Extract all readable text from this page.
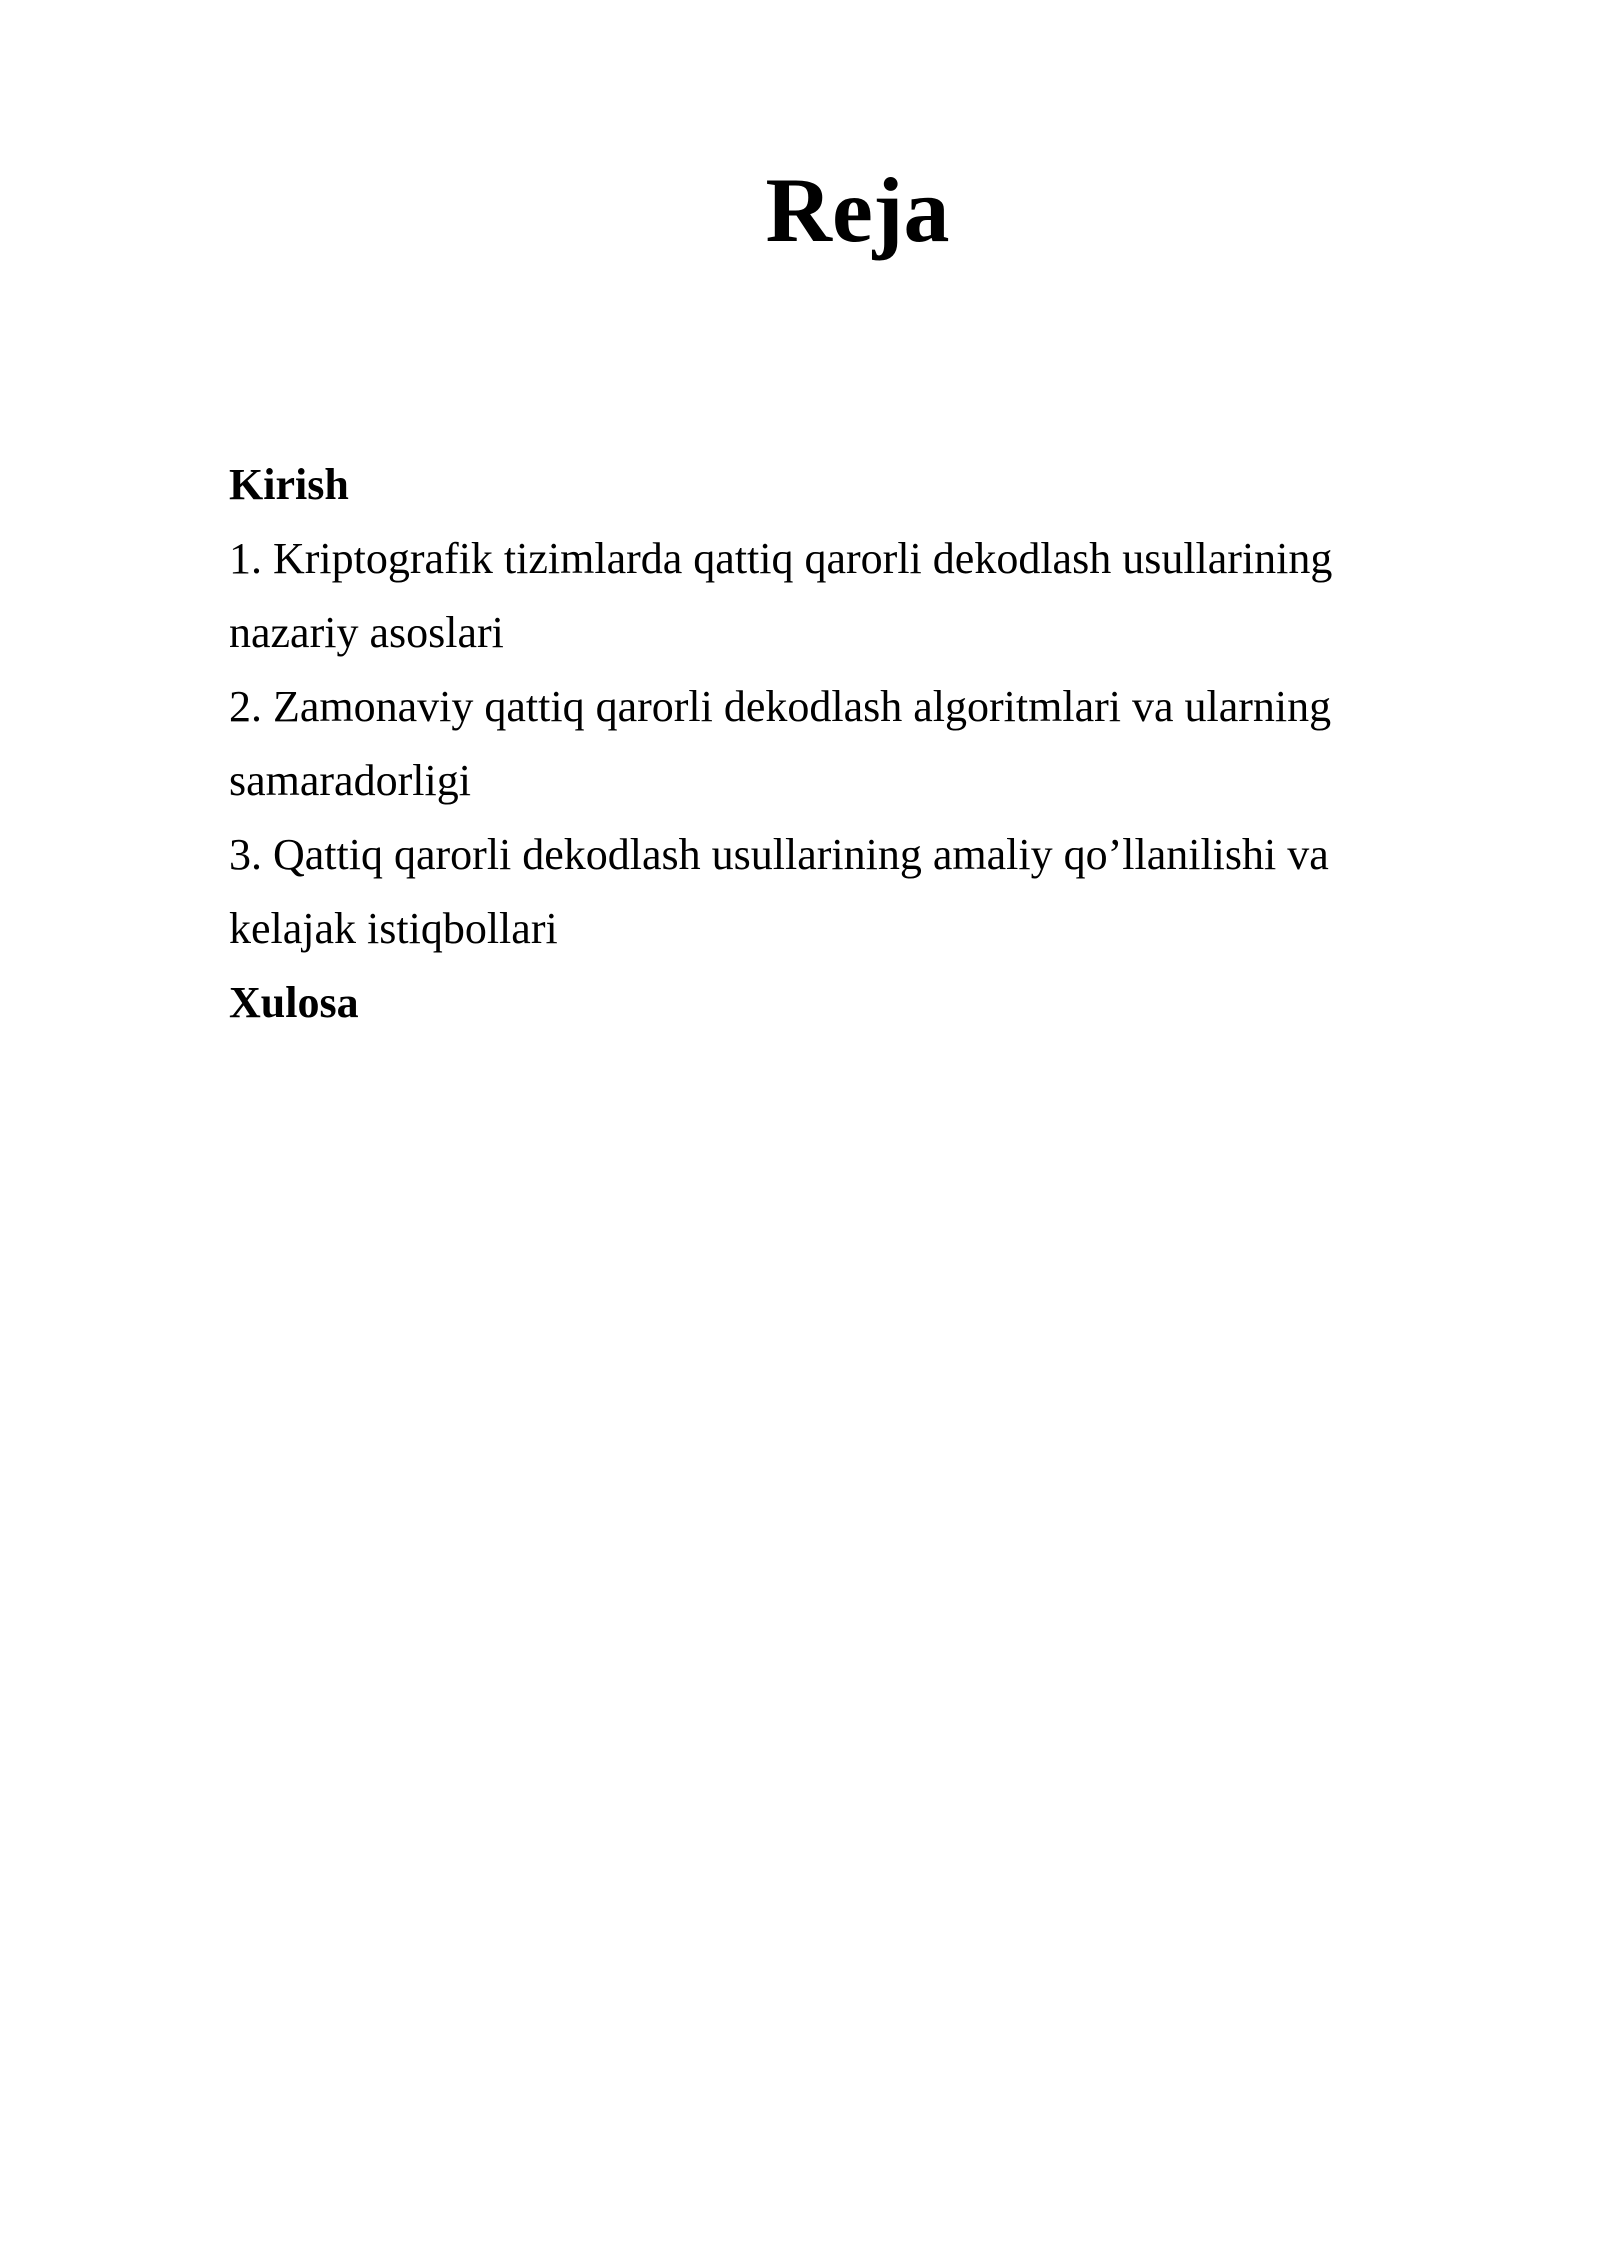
Reja
Kirish
1. Kriptografik tizimlarda qattiq qarorli dekodlash usullarining
nazariy asoslari
2. Zamonaviy qattiq qarorli dekodlash algoritmlari va ularning
samaradorligi
3. Qattiq qarorli dekodlash usullarining amaliy qo’llanilishi va
kelajak istiqbollari
Xulosa
